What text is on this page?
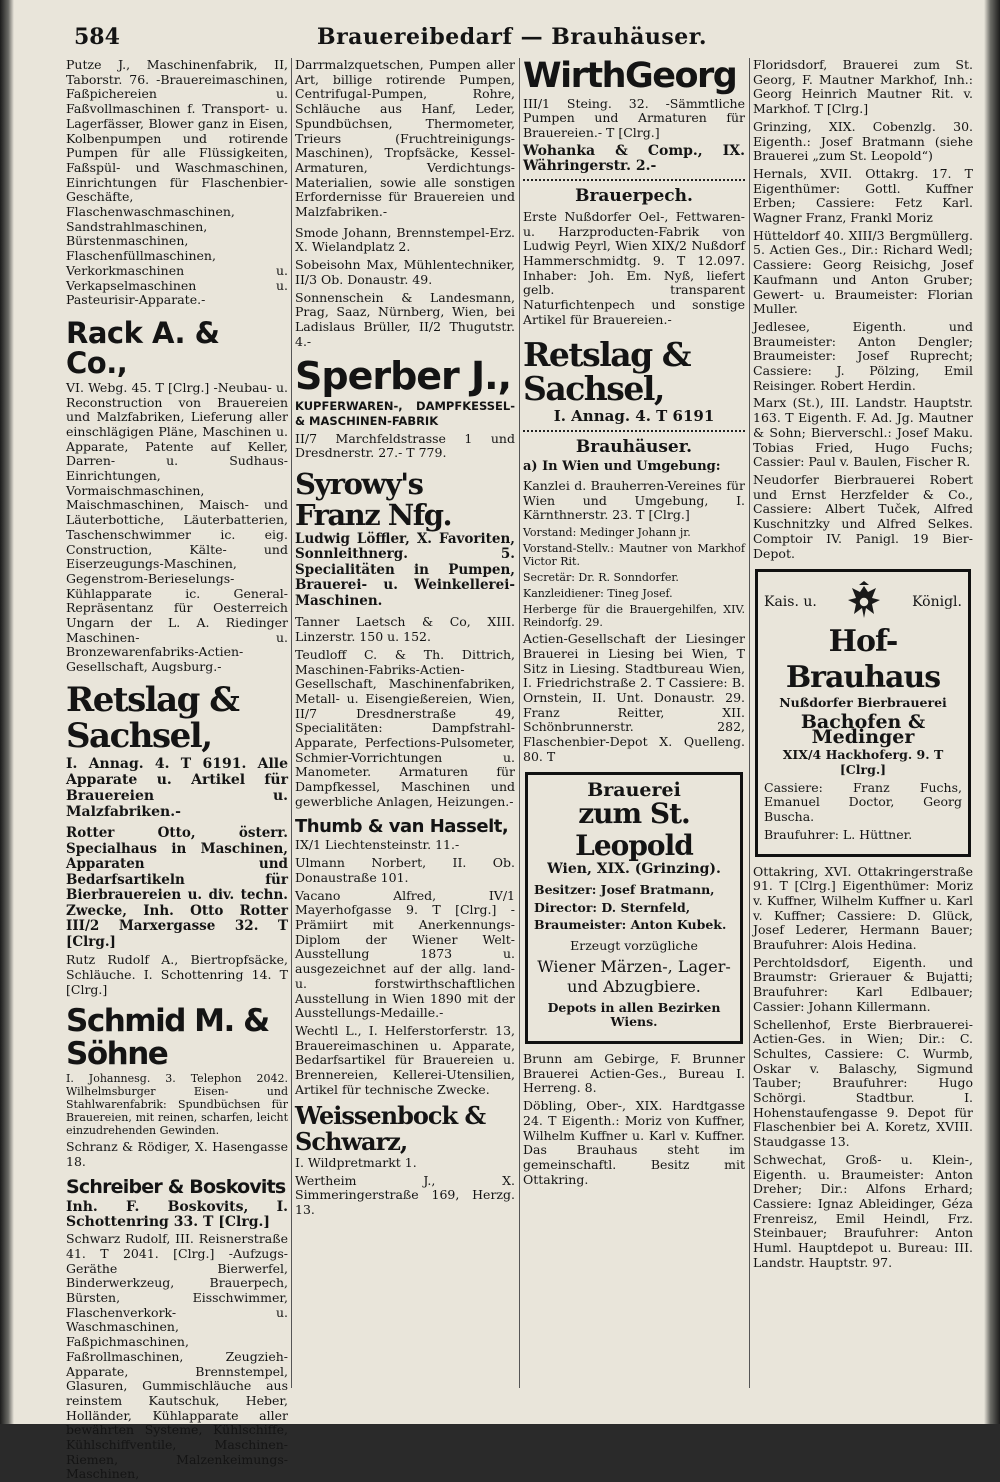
584	Brauereibedarf — Brauhäuser.
Putze J., Maschinenfabrik, II, Taborstr. 76. -Brauereimaschinen, Faßpichereien u. Faßvollmaschinen f. Transport- u. Lagerfässer, Blower ganz in Eisen, Kolbenpumpen und rotirende Pumpen für alle Flüssigkeiten, Faßspül- und Waschmaschinen, Einrichtungen für Flaschenbier-Geschäfte, Flaschenwaschmaschinen, Sandstrahlmaschinen, Bürstenmaschinen, Flaschenfüllmaschinen, Verkorkmaschinen u. Verkapselmaschinen u. Pasteurisir-Apparate.-
Rack A. & Co.,
VI. Webg. 45. T [Clrg.] -Neubau- u. Reconstruction von Brauereien und Malzfabriken, Lieferung aller einschlägigen Pläne, Maschinen u. Apparate, Patente auf Keller, Darren- u. Sudhaus-Einrichtungen, Vormaischmaschinen, Maischmaschinen, Maisch- und Läuterbottiche, Läuterbatterien, Taschenschwimmer ic. eig. Construction, Kälte- und Eiserzeugungs-Maschinen, Gegenstrom-Berieselungs-Kühlapparate ic. General-Repräsentanz für Oesterreich Ungarn der L. A. Riedinger Maschinen- u. Bronzewarenfabriks-Actien-Gesellschaft, Augsburg.-
Retslag & Sachsel,
I. Annag. 4. T 6191. Alle Apparate u. Artikel für Brauereien u. Malzfabriken.-
Rotter Otto, österr. Specialhaus in Maschinen, Apparaten und Bedarfsartikeln für Bierbrauereien u. div. techn. Zwecke, Inh. Otto Rotter III/2 Marxergasse 32. T [Clrg.]
Rutz Rudolf A., Biertropfsäcke, Schläuche. I. Schottenring 14. T [Clrg.]
Schmid M. & Söhne
I. Johannesg. 3. Telephon 2042. Wilhelmsburger Eisen- und Stahlwarenfabrik: Spundbüchsen für Brauereien, mit reinen, scharfen, leicht einzudrehenden Gewinden.
Schranz & Rödiger, X. Hasengasse 18.
Schreiber & Boskovits
Inh. F. Boskovits, I. Schottenring 33. T [Clrg.]
Schwarz Rudolf, III. Reisnerstraße 41. T 2041. [Clrg.] -Aufzugs-Geräthe Bierwerfel, Binderwerkzeug, Brauerpech, Bürsten, Eisschwimmer, Flaschenverkork- u. Waschmaschinen, Faßpichmaschinen, Faßrollmaschinen, Zeugzieh-Apparate, Brennstempel, Glasuren, Gummischläuche aus reinstem Kautschuk, Heber, Holländer, Kühlapparate aller bewährten Systeme, Kühlschiffe, Kühlschiffventile, Maschinen-Riemen, Malzenkeimungs-Maschinen,
Darrmalzquetschen, Pumpen aller Art, billige rotirende Pumpen, Centrifugal-Pumpen, Rohre, Schläuche aus Hanf, Leder, Spundbüchsen, Thermometer, Trieurs (Fruchtreinigungs-Maschinen), Tropfsäcke, Kessel-Armaturen, Verdichtungs-Materialien, sowie alle sonstigen Erfordernisse für Brauereien und Malzfabriken.-
Smode Johann, Brennstempel-Erz. X. Wielandplatz 2.
Sobeisohn Max, Mühlentechniker, II/3 Ob. Donaustr. 49.
Sonnenschein & Landesmann, Prag, Saaz, Nürnberg, Wien, bei Ladislaus Brüller, II/2 Thugutstr. 4.-
Sperber J.,
KUPFERWAREN-, DAMPFKESSEL- & MASCHINEN-FABRIK
II/7 Marchfeldstrasse 1 und Dresdnerstr. 27.- T 779.
Syrowy's Franz Nfg.
Ludwig Löffler, X. Favoriten, Sonnleithnerg. 5. Specialitäten in Pumpen, Brauerei- u. Weinkellerei-Maschinen.
Tanner Laetsch & Co, XIII. Linzerstr. 150 u. 152.
Teudloff C. & Th. Dittrich, Maschinen-Fabriks-Actien-Gesellschaft, Maschinenfabriken, Metall- u. Eisengießereien, Wien, II/7 Dresdnerstraße 49, Specialitäten: Dampfstrahl-Apparate, Perfections-Pulsometer, Schmier-Vorrichtungen u. Manometer. Armaturen für Dampfkessel, Maschinen und gewerbliche Anlagen, Heizungen.-
Thumb & van Hasselt,
IX/1 Liechtensteinstr. 11.-
Ulmann Norbert, II. Ob. Donaustraße 101.
Vacano Alfred, IV/1 Mayerhofgasse 9. T [Clrg.] -Prämiirt mit Anerkennungs-Diplom der Wiener Welt-Ausstellung 1873 u. ausgezeichnet auf der allg. land- u. forstwirthschaftlichen Ausstellung in Wien 1890 mit der Ausstellungs-Medaille.-
Wechtl L., I. Helferstorferstr. 13, Brauereimaschinen u. Apparate, Bedarfsartikel für Brauereien u. Brennereien, Kellerei-Utensilien, Artikel für technische Zwecke.
Weissenbock & Schwarz,
I. Wildpretmarkt 1.
Wertheim J., X. Simmeringerstraße 169, Herzg. 13.
WirthGeorg
III/1 Steing. 32. -Sämmtliche Pumpen und Armaturen für Brauereien.- T [Clrg.]
Wohanka & Comp., IX. Währingerstr. 2.-
Brauerpech.
Erste Nußdorfer Oel-, Fettwaren- u. Harzproducten-Fabrik von Ludwig Peyrl, Wien XIX/2 Nußdorf Hammerschmidtg. 9. T 12.097. Inhaber: Joh. Em. Nyß, liefert gelb. transparent Naturfichtenpech und sonstige Artikel für Brauereien.-
Retslag & Sachsel,
I. Annag. 4. T 6191
Brauhäuser.
a) In Wien und Umgebung:
Kanzlei d. Brauherren-Vereines für Wien und Umgebung, I. Kärnthnerstr. 23. T [Clrg.]
Vorstand: Medinger Johann jr.
Vorstand-Stellv.: Mautner von Markhof Victor Rit.
Secretär: Dr. R. Sonndorfer.
Kanzleidiener: Tineg Josef.
Herberge für die Brauergehilfen, XIV. Reindorfg. 29.
Actien-Gesellschaft der Liesinger Brauerei in Liesing bei Wien, T Sitz in Liesing. Stadtbureau Wien, I. Friedrichstraße 2. T Cassiere: B. Ornstein, II. Unt. Donaustr. 29. Franz Reitter, XII. Schönbrunnerstr. 282, Flaschenbier-Depot X. Quelleng. 80. T
Brauerei
zum St. Leopold
Wien, XIX. (Grinzing).
Besitzer: Josef Bratmann,
Director: D. Sternfeld,
Braumeister: Anton Kubek.
Erzeugt vorzügliche
Wiener Märzen-, Lager- und Abzugbiere.
Depots in allen Bezirken Wiens.
Brunn am Gebirge, F. Brunner Brauerei Actien-Ges., Bureau I. Herreng. 8.
Döbling, Ober-, XIX. Hardtgasse 24. T Eigenth.: Moriz von Kuffner, Wilhelm Kuffner u. Karl v. Kuffner. Das Brauhaus steht im gemeinschaftl. Besitz mit Ottakring.
Floridsdorf, Brauerei zum St. Georg, F. Mautner Markhof, Inh.: Georg Heinrich Mautner Rit. v. Markhof. T [Clrg.]
Grinzing, XIX. Cobenzlg. 30. Eigenth.: Josef Bratmann (siehe Brauerei „zum St. Leopold“)
Hernals, XVII. Ottakrg. 17. T Eigenthümer: Gottl. Kuffner Erben; Cassiere: Fetz Karl. Wagner Franz, Frankl Moriz
Hütteldorf 40. XIII/3 Bergmüllerg. 5. Actien Ges., Dir.: Richard Wedl; Cassiere: Georg Reisichg, Josef Kaufmann und Anton Gruber; Gewert- u. Braumeister: Florian Muller.
Jedlesee, Eigenth. und Braumeister: Anton Dengler; Braumeister: Josef Ruprecht; Cassiere: J. Pölzing, Emil Reisinger. Robert Herdin.
Marx (St.), III. Landstr. Hauptstr. 163. T Eigenth. F. Ad. Jg. Mautner & Sohn; Bierverschl.: Josef Maku. Tobias Fried, Hugo Fuchs; Cassier: Paul v. Baulen, Fischer R.
Neudorfer Bierbrauerei Robert und Ernst Herzfelder & Co., Cassiere: Albert Tuček, Alfred Kuschnitzky und Alfred Selkes. Comptoir IV. Panigl. 19 Bier-Depot.
Kais. u.	Königl.
Hof-Brauhaus
Nußdorfer Bierbrauerei
Bachofen & Medinger
XIX/4 Hackhoferg. 9. T [Clrg.]
Cassiere: Franz Fuchs, Emanuel Doctor, Georg Buscha.
Braufuhrer: L. Hüttner.
Ottakring, XVI. Ottakringerstraße 91. T [Clrg.] Eigenthümer: Moriz v. Kuffner, Wilhelm Kuffner u. Karl v. Kuffner; Cassiere: D. Glück, Josef Lederer, Hermann Bauer; Braufuhrer: Alois Hedina.
Perchtoldsdorf, Eigenth. und Braumstr: Grierauer & Bujatti; Braufuhrer: Karl Edlbauer; Cassier: Johann Killermann.
Schellenhof, Erste Bierbrauerei-Actien-Ges. in Wien; Dir.: C. Schultes, Cassiere: C. Wurmb, Oskar v. Balaschy, Sigmund Tauber; Braufuhrer: Hugo Schörgi. Stadtbur. I. Hohenstaufengasse 9. Depot für Flaschenbier bei A. Koretz, XVIII. Staudgasse 13.
Schwechat, Groß- u. Klein-, Eigenth. u. Braumeister: Anton Dreher; Dir.: Alfons Erhard; Cassiere: Ignaz Ableidinger, Géza Frenreisz, Emil Heindl, Frz. Steinbauer; Braufuhrer: Anton Huml. Hauptdepot u. Bureau: III. Landstr. Hauptstr. 97.
